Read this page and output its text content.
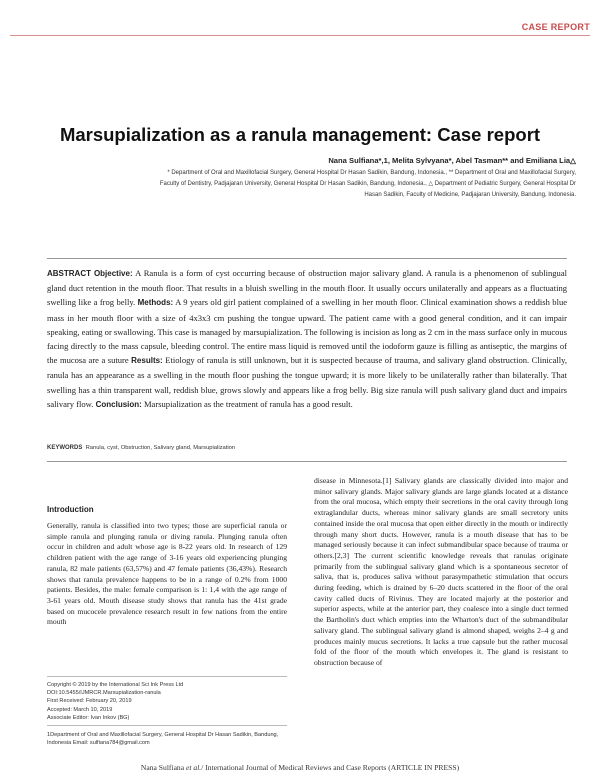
CASE REPORT
Marsupialization as a ranula management: Case report
Nana Sulfiana*,1, Melita Sylvyana*, Abel Tasman** and Emiliana Lia△
* Department of Oral and Maxillofacial Surgery, General Hospital Dr Hasan Sadikin, Bandung, Indonesia., ** Department of Oral and Maxillofacial Surgery,
Faculty of Dentistry, Padjajaran University, General Hospital Dr Hasan Sadikin, Bandung, Indonesia., △ Department of Pediatric Surgery, General Hospital Dr
Hasan Sadikin, Faculty of Medicine, Padjajaran University, Bandung, Indonesia.
ABSTRACT Objective: A Ranula is a form of cyst occurring because of obstruction major salivary gland. A ranula is a phenomenon of sublingual gland duct retention in the mouth floor. That results in a bluish swelling in the mouth floor. It usually occurs unilaterally and appears as a fluctuating swelling like a frog belly. Methods: A 9 years old girl patient complained of a swelling in her mouth floor. Clinical examination shows a reddish blue mass in her mouth floor with a size of 4x3x3 cm pushing the tongue upward. The patient came with a good general condition, and it can impair speaking, eating or swallowing. This case is managed by marsupialization. The following is incision as long as 2 cm in the mass surface only in mucous facing directly to the mass capsule, bleeding control. The entire mass liquid is removed until the iodoform gauze is filling as antiseptic, the margins of the mucosa are a suture Results: Etiology of ranula is still unknown, but it is suspected because of trauma, and salivary gland obstruction. Clinically, ranula has an appearance as a swelling in the mouth floor pushing the tongue upward; it is more likely to be unilaterally rather than bilaterally. That swelling has a thin transparent wall, reddish blue, grows slowly and appears like a frog belly. Big size ranula will push salivary gland duct and impairs salivary flow. Conclusion: Marsupialization as the treatment of ranula has a good result.
KEYWORDS Ranula, cyst, Obstruction, Salivary gland, Marsupialization
Introduction

Generally, ranula is classified into two types; those are superficial ranula or simple ranula and plunging ranula or diving ranula. Plunging ranula often occur in children and adult whose age is 8-22 years old. In research of 129 children patient with the age range of 3-16 years old experiencing plunging ranula, 82 male patients (63,57%) and 47 female patients (36,43%). Research shows that ranula prevalence happens to be in a range of 0.2% from 1000 patients. Besides, the male: female comparison is 1: 1,4 with the age range of 3-61 years old. Mouth disease study shows that ranula has the 41st grade based on mucocele prevalence research result in few nations from the entire mouth

disease in Minnesota.[1] Salivary glands are classically divided into major and minor salivary glands. Major salivary glands are large glands located at a distance from the oral mucosa, which empty their secretions in the oral cavity through long extraglandular ducts, whereas minor salivary glands are small secretory units contained inside the oral mucosa that open either directly in the mouth or indirectly through many short ducts. However, ranula is a mouth disease that has to be managed seriously because it can infect submandibular space because of trauma or others.[2,3] The current scientific knowledge reveals that ranulas originate primarily from the sublingual salivary gland which is a spontaneous secretor of saliva, that is, produces saliva without parasympathetic stimulation that occurs during feeding, which is drained by 6–20 ducts scattered in the floor of the oral cavity called ducts of Rivinus. They are located majorly at the posterior and superior aspects, while at the anterior part, they coalesce into a single duct termed the Bartholin's duct which empties into the Wharton's duct of the submandibular salivary gland. The sublingual salivary gland is almond shaped, weighs 2–4 g and produces mainly mucus secretions. It lacks a true capsule but the rather mucosal fold of the floor of the mouth which envelopes it. The gland is resistant to obstruction because of

Copyright © 2019 by the International Sci Ink Press Ltd
DOI:10.5455/IJMRCR.Marsupialization-ranula
First Received: February 20, 2019
Accepted: March 10, 2019
Associate Editor: Ivan Inkov (BG)
1Department of Oral and Maxillofacial Surgery, General Hospital Dr Hasan Sadikin, Bandung, Indonesia Email: sulfiana784@gmail.com
Nana Sulfiana et al./ International Journal of Medical Reviews and Case Reports (ARTICLE IN PRESS)
